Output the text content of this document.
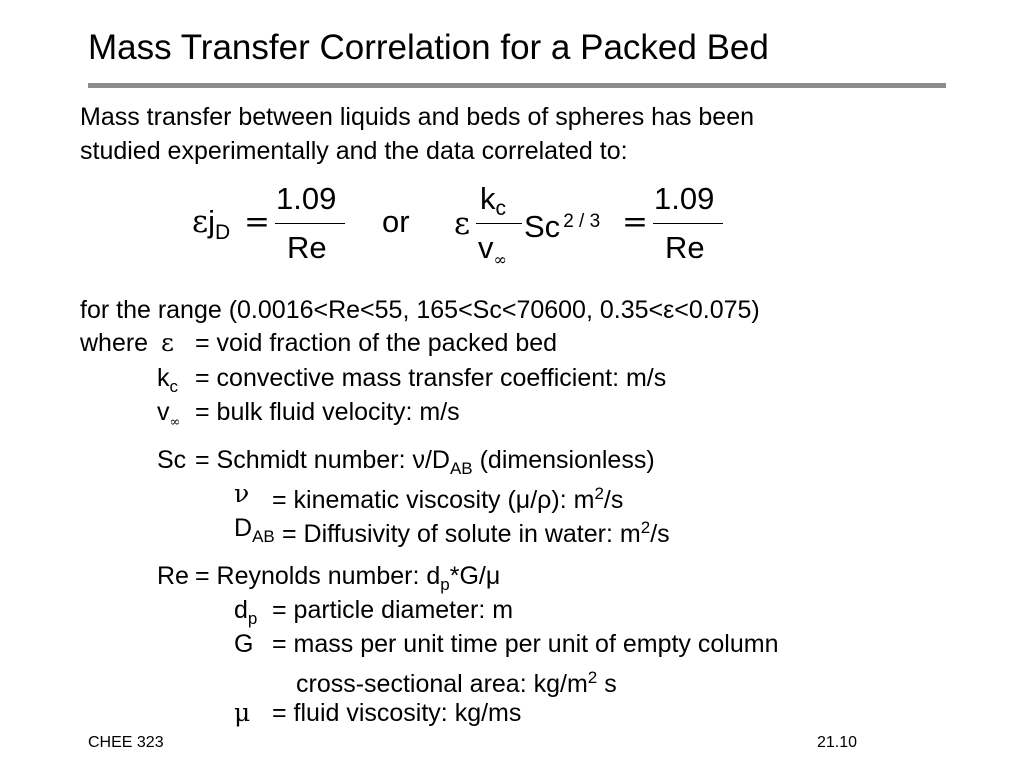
Mass Transfer Correlation for a Packed Bed
Mass transfer between liquids and beds of spheres has been
studied experimentally and the data correlated to:
$\varepsilon j_D$ =
1.09
Re
or ε
kc
$v_\infty$
Sc $^{2 / 3}$ =
1.09
Re
for the range (0.0016<Re<55, 165<Sc<70600, 0.35<ε<0.075)
where ε = void fraction of the packed bed
$k_c$ = convective mass transfer coefficient: m/s
$v_\infty$ = bulk fluid velocity: m/s
Sc = Schmidt number: $\nu/D_{AB}$ (dimensionless)
ν = kinematic viscosity (μ/ρ): $m^2/s$
$D_{AB}$ = Diffusivity of solute in water: $m^2/s$
Re = Reynolds number: $d_p*G/\mu$
$d_p$ = particle diameter: m
G = mass per unit time per unit of empty column
cross-sectional area: $kg/m^2$ s
μ = fluid viscosity: kg/ms
CHEE 323	21.10
